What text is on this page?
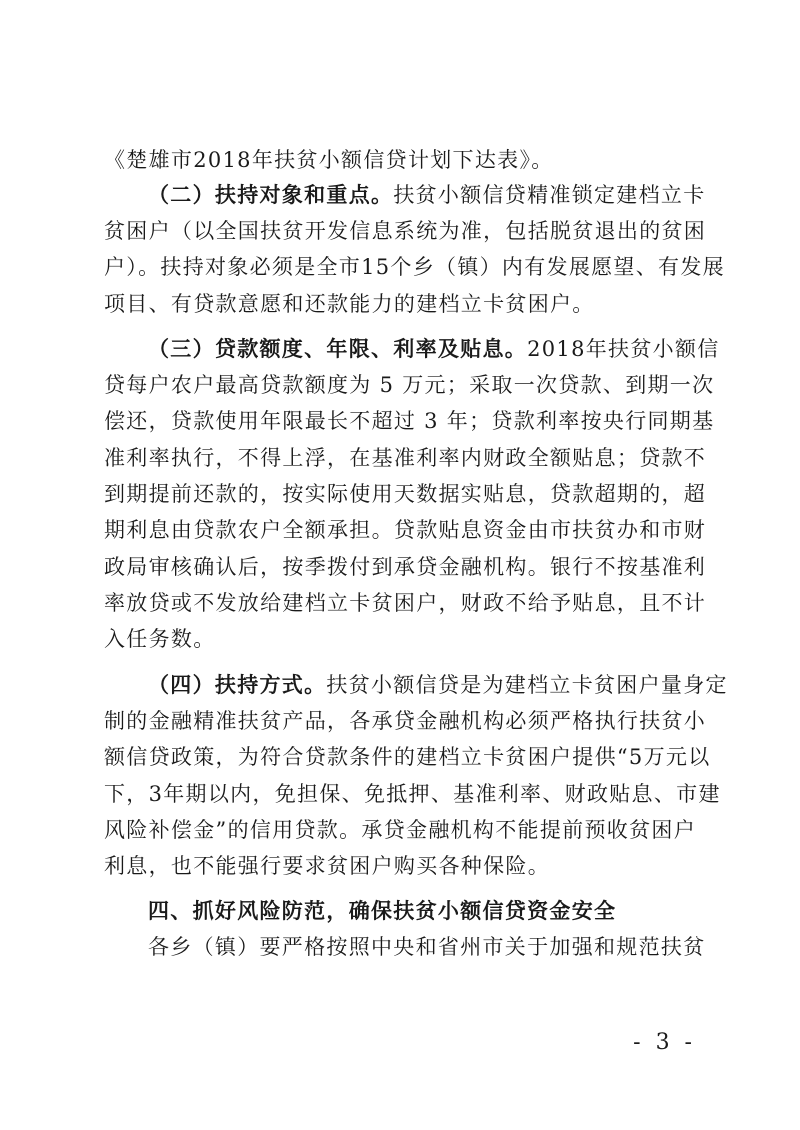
《楚雄市2018年扶贫小额信贷计划下达表》。
（二）扶持对象和重点。扶贫小额信贷精准锁定建档立卡
贫困户（以全国扶贫开发信息系统为准，包括脱贫退出的贫困
户）。扶持对象必须是全市15个乡（镇）内有发展愿望、有发展
项目、有贷款意愿和还款能力的建档立卡贫困户。
（三）贷款额度、年限、利率及贴息。2018年扶贫小额信
贷每户农户最高贷款额度为 5 万元；采取一次贷款、到期一次
偿还，贷款使用年限最长不超过 3 年；贷款利率按央行同期基
准利率执行，不得上浮，在基准利率内财政全额贴息；贷款不
到期提前还款的，按实际使用天数据实贴息，贷款超期的，超
期利息由贷款农户全额承担。贷款贴息资金由市扶贫办和市财
政局审核确认后，按季拨付到承贷金融机构。银行不按基准利
率放贷或不发放给建档立卡贫困户，财政不给予贴息，且不计
入任务数。
（四）扶持方式。扶贫小额信贷是为建档立卡贫困户量身定
制的金融精准扶贫产品，各承贷金融机构必须严格执行扶贫小
额信贷政策，为符合贷款条件的建档立卡贫困户提供“5万元以
下，3年期以内，免担保、免抵押、基准利率、财政贴息、市建
风险补偿金”的信用贷款。承贷金融机构不能提前预收贫困户
利息，也不能强行要求贫困户购买各种保险。
四、抓好风险防范，确保扶贫小额信贷资金安全
各乡（镇）要严格按照中央和省州市关于加强和规范扶贫
- 3 -
